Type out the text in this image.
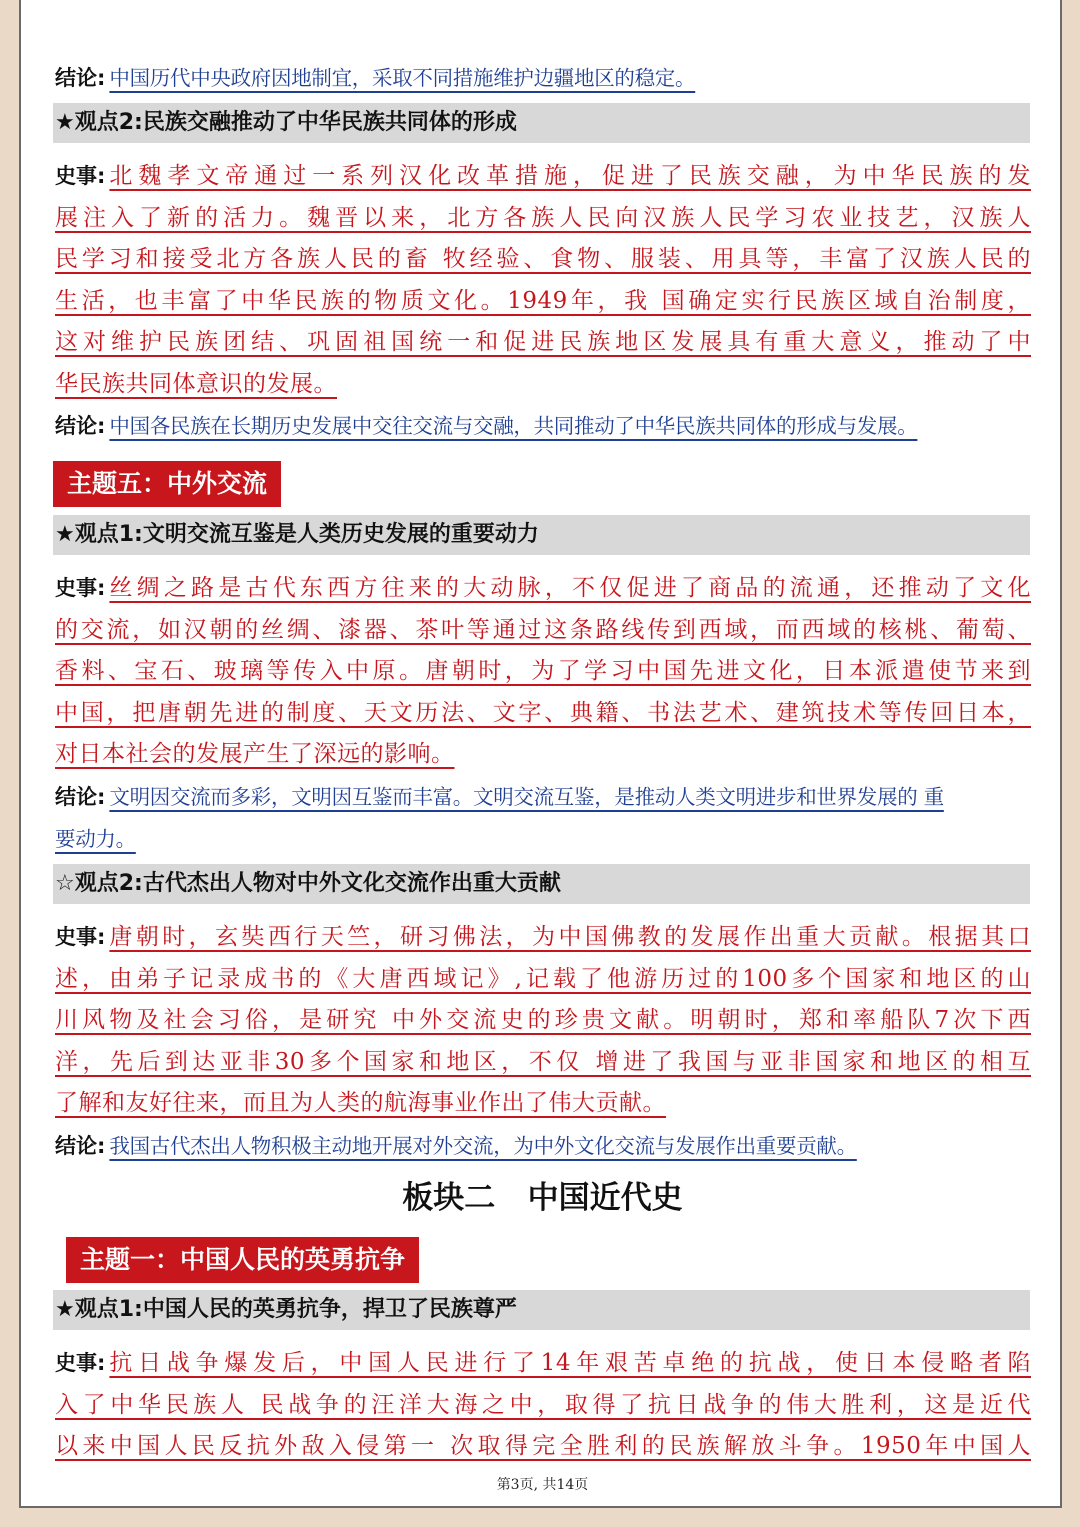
结论: 中国历代中央政府因地制宜，采取不同措施维护边疆地区的稳定。
★观点2:民族交融推动了中华民族共同体的形成
史事: 北魏孝文帝通过一系列汉化改革措施，促进了民族交融，为中华民族的发
展注入了新的活力。魏晋以来，北方各族人民向汉族人民学习农业技艺，汉族人
民学习和接受北方各族人民的畜 牧经验、食物、服装、用具等，丰富了汉族人民的
生活，也丰富了中华民族的物质文化。1949年，我 国确定实行民族区域自治制度，
这对维护民族团结、巩固祖国统一和促进民族地区发展具有重大意义，推动了中
华民族共同体意识的发展。
结论: 中国各民族在长期历史发展中交往交流与交融，共同推动了中华民族共同体的形成与发展。
主题五：中外交流
★观点1:文明交流互鉴是人类历史发展的重要动力
史事: 丝绸之路是古代东西方往来的大动脉，不仅促进了商品的流通，还推动了文化
的交流，如汉朝的丝绸、漆器、茶叶等通过这条路线传到西域，而西域的核桃、葡萄、
香料、宝石、玻璃等传入中原。唐朝时，为了学习中国先进文化，日本派遣使节来到
中国，把唐朝先进的制度、天文历法、文字、典籍、书法艺术、建筑技术等传回日本，
对日本社会的发展产生了深远的影响。
结论: 文明因交流而多彩，文明因互鉴而丰富。文明交流互鉴，是推动人类文明进步和世界发展的 重
要动力。
☆观点2:古代杰出人物对中外文化交流作出重大贡献
史事: 唐朝时，玄奘西行天竺，研习佛法，为中国佛教的发展作出重大贡献。根据其口
述，由弟子记录成书的《大唐西域记》,记载了他游历过的100多个国家和地区的山
川风物及社会习俗，是研究 中外交流史的珍贵文献。明朝时，郑和率船队7次下西
洋，先后到达亚非30多个国家和地区，不仅 增进了我国与亚非国家和地区的相互
了解和友好往来，而且为人类的航海事业作出了伟大贡献。
结论: 我国古代杰出人物积极主动地开展对外交流，为中外文化交流与发展作出重要贡献。
板块二   中国近代史
主题一：中国人民的英勇抗争
★观点1:中国人民的英勇抗争，捍卫了民族尊严
史事: 抗日战争爆发后，中国人民进行了14年艰苦卓绝的抗战，使日本侵略者陷
入了中华民族人 民战争的汪洋大海之中，取得了抗日战争的伟大胜利，这是近代
以来中国人民反抗外敌入侵第一 次取得完全胜利的民族解放斗争。1950年中国人
第3页, 共14页
